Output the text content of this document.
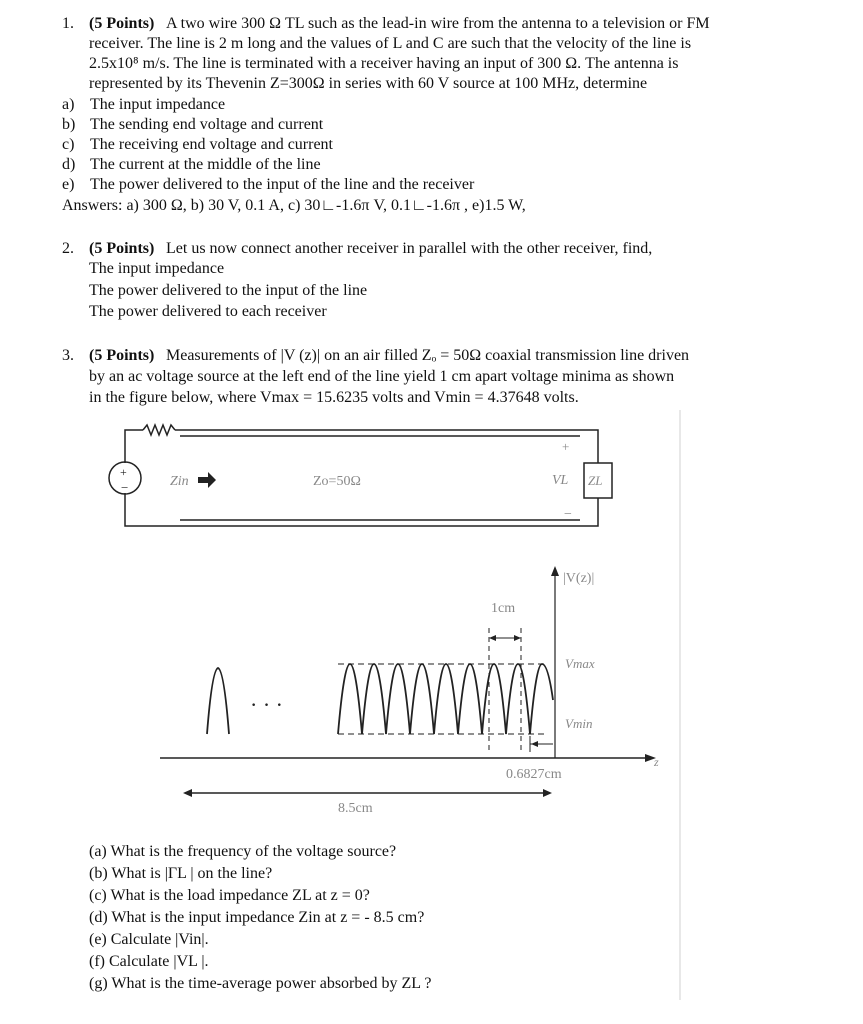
1. (5 Points) A two wire 300 Ω TL such as the lead-in wire from the antenna to a television or FM
receiver. The line is 2 m long and the values of L and C are such that the velocity of the line is
2.5x10⁸ m/s. The line is terminated with a receiver having an input of 300 Ω. The antenna is
represented by its Thevenin Z=300Ω in series with 60 V source at 100 MHz, determine
a) The input impedance
b) The sending end voltage and current
c) The receiving end voltage and current
d) The current at the middle of the line
e) The power delivered to the input of the line and the receiver
Answers: a) 300 Ω, b) 30 V, 0.1 A, c) 30∟-1.6π V, 0.1∟-1.6π , e)1.5 W,
2. (5 Points) Let us now connect another receiver in parallel with the other receiver, find,
The input impedance
The power delivered to the input of the line
The power delivered to each receiver
3. (5 Points) Measurements of |V (z)| on an air filled Zₒ = 50Ω coaxial transmission line driven
by an ac voltage source at the left end of the line yield 1 cm apart voltage minima as shown
in the figure below, where Vmax = 15.6235 volts and Vmin = 4.37648 volts.
+
−	Zin	Zo=50Ω
+
VL
−
ZL
· · ·
|V(z)|
1cm
Vmax
Vmin
0.6827cm
z
8.5cm
(a) What is the frequency of the voltage source?
(b) What is |ΓL | on the line?
(c) What is the load impedance ZL at z = 0?
(d) What is the input impedance Zin at z = - 8.5 cm?
(e) Calculate |Vin|.
(f) Calculate |VL |.
(g) What is the time-average power absorbed by ZL ?
